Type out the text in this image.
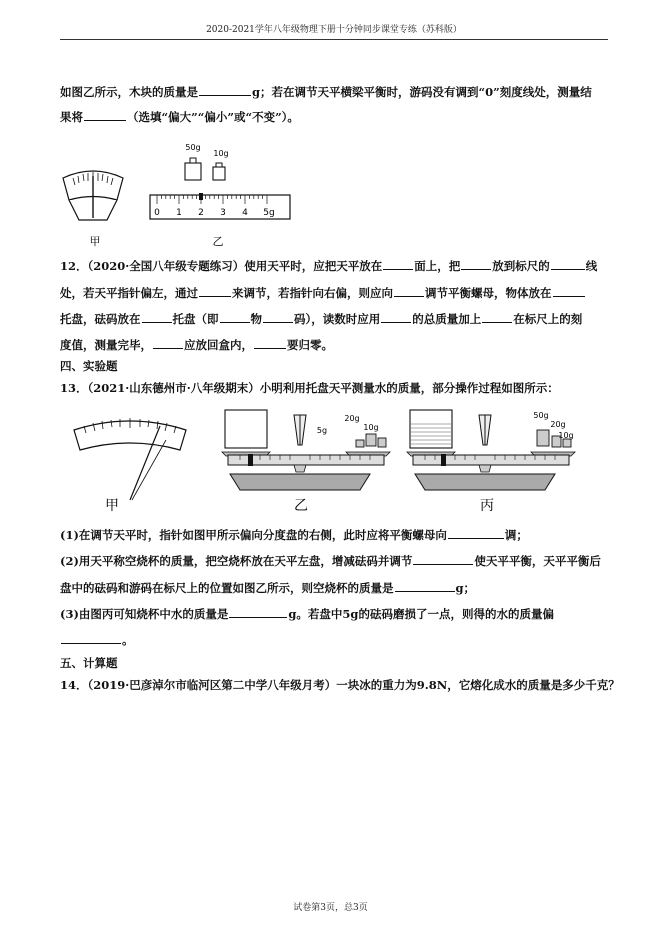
2020-2021学年八年级物理下册十分钟同步课堂专练（苏科版）
如图乙所示，木块的质量是	g；若在调节天平横梁平衡时，游码没有调到“0”刻度线处，测量结
果将	（选填“偏大”“偏小”或“不变”）。
甲
50g
10g
0 1 2 3 4 5g
乙
12．（2020·全国八年级专题练习）使用天平时，应把天平放在	面上，把	放到标尺的	线
处，若天平指针偏左，通过	来调节，若指针向右偏，则应向	调节平衡螺母，物体放在
托盘，砝码放在	托盘（即	物	码），读数时应用	的总质量加上	在标尺上的刻
度值，测量完毕，	应放回盒内，	要归零。
四、实验题
13．（2021·山东德州市·八年级期末）小明利用托盘天平测量水的质量，部分操作过程如图所示：
甲
20g
5g	10g
乙
50g
20g
10g
丙
(1)在调节天平时，指针如图甲所示偏向分度盘的右侧，此时应将平衡螺母向	调；
(2)用天平称空烧杯的质量，把空烧杯放在天平左盘，增减砝码并调节	使天平平衡，天平平衡后
盘中的砝码和游码在标尺上的位置如图乙所示，则空烧杯的质量是	g；
(3)由图丙可知烧杯中水的质量是	g。若盘中5g的砝码磨损了一点，则得的水的质量偏
。
五、计算题
14．（2019·巴彦淖尔市临河区第二中学八年级月考）一块冰的重力为9.8N，它熔化成水的质量是多少千克？
试卷第3页，总3页
